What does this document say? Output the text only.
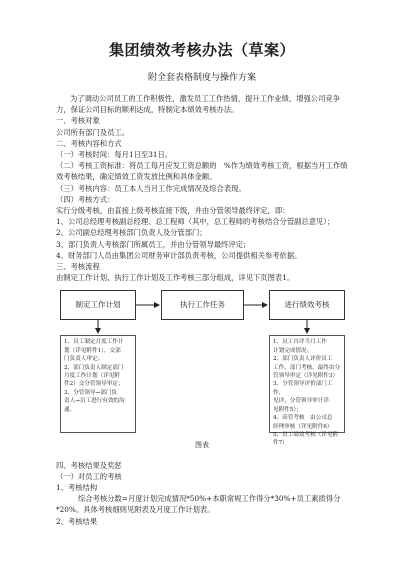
集团绩效考核办法（草案）
附全套表格制度与操作方案

为了调动公司员工的工作积极性，激发员工工作热情，提升工作业绩，增强公司竞争力，保证公司目标的顺利达成，特制定本绩效考核办法。

一、考核对象

公司所有部门及员工。

二、考核内容和方式

（一）考核时间：每月1日至31日。

（二）考核工资标准：将员工每月应发工资总额的　%作为绩效考核工资，根据当月工作绩效考核结果，确定绩效工资发放比例和具体金额。

（三）考核内容：员工本人当月工作完成情况及综合表现。

（四）考核方式：

实行分级考核，由直接上级考核直接下级，并由分管领导最终评定，即：

1、公司总经理考核副总经理、总工程师（其中，总工程师的考核结合分管副总意见）；

2、公司副总经理考核部门负责人及分管部门；

3、部门负责人考核部门所属员工，并由分管领导最终评定；

4、财务部门人员由集团公司财务审计部负责考核，公司提供相关参考依据。

三、考核流程

由制定工作计划、执行工作计划及工作考核三部分组成，详见下页图表1。

制定工作计划	执行工作任务	进行绩效考核
1、员工制定月度工作计
划（详见附件1），交部
门负责人审定；
2、部门负责人制定部门
月度工作计划（详见附
件2）交分管领导审定；
3、分管领导→部门负
责人→员工进行有效的沟
通。
1、员工自评当月工作
计划完成情况；
2、部门负责人评价员工
工作、部门考核，最终由分
管领导审定（详见附件3）
3、分管领导评价部门工作，
见评，分管领导审计详
见附件5）；
4、高管考核　由公司总
经理审核（详见附件6）
5、员工绩效考核（详见附件7）
图表

四、考核结果及奖惩

（一）对员工的考核

1、考核结构

综合考核分数=月度计划完成情况*50%+本职常规工作得分*30%+员工素质得分*20%。具体考核细则见附表及月度工作计划表。

2、考核结果
